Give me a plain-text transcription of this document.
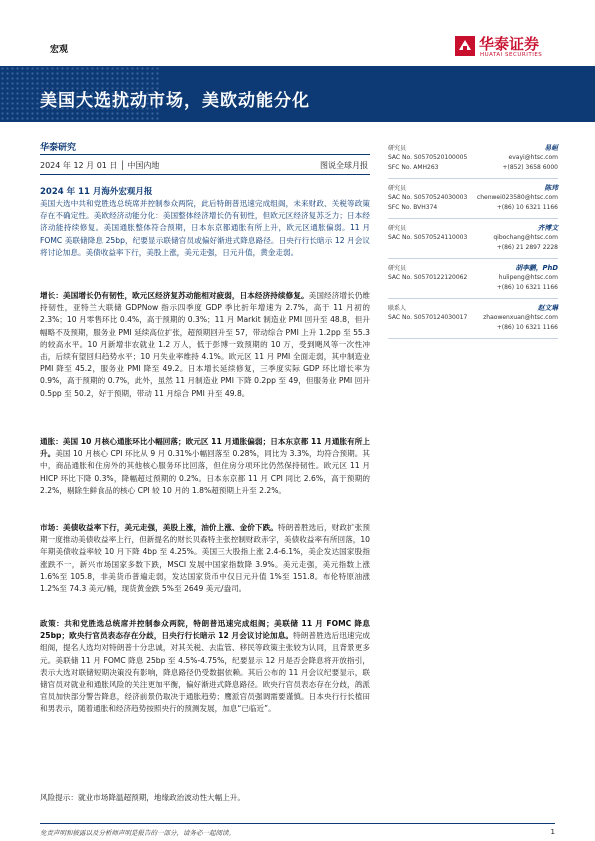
宏观	华泰证券
HUATAI SECURITIES
美国大选扰动市场，美欧动能分化
华泰研究
2024 年 12 月 01 日 │ 中国内地	图说全球月报
2024 年 11 月海外宏观月报

美国大选中共和党胜选总统席并控制参众两院，此后特朗普迅速完成组阁，未来财政、关税等政策存在不确定性。美欧经济动能分化：美国整体经济增长仍有韧性，但欧元区经济复苏乏力；日本经济动能持续修复。美国通胀整体符合预期，日本东京都通胀有所上升，欧元区通胀偏弱。11 月 FOMC 美联储降息 25bp，纪要显示联储官员或偏好渐进式降息路径。日央行行长暗示 12 月会议将讨论加息。美债收益率下行，美股上涨，美元走强，日元升值，黄金走弱。

增长：美国增长仍有韧性，欧元区经济复苏动能相对疲弱，日本经济持续修复。美国经济增长仍维持韧性，亚特兰大联储 GDPNow 指示四季度 GDP 季比折年增速为 2.7%，高于 11 月初的 2.3%；10 月零售环比 0.4%，高于预期的 0.3%；11 月 Markit 制造业 PMI 回升至 48.8，但升幅略不及预期，服务业 PMI 延续高位扩张，超预期回升至 57，带动综合 PMI 上升 1.2pp 至 55.3 的较高水平。10 月新增非农就业 1.2 万人，低于彭博一致预期的 10 万，受到飓风等一次性冲击，后续有望回归趋势水平；10 月失业率维持 4.1%。欧元区 11 月 PMI 全面走弱，其中制造业 PMI 降至 45.2，服务业 PMI 降至 49.2。日本增长延续修复，三季度实际 GDP 环比增长率为 0.9%，高于预期的 0.7%，此外，虽然 11 月制造业 PMI 下降 0.2pp 至 49，但服务业 PMI 回升 0.5pp 至 50.2，好于预期，带动 11 月综合 PMI 升至 49.8。

通胀：美国 10 月核心通胀环比小幅回落；欧元区 11 月通胀偏弱；日本东京都 11 月通胀有所上升。美国 10 月核心 CPI 环比从 9 月 0.31%小幅回落至 0.28%，同比为 3.3%，均符合预期。其中，商品通胀和住房外的其他核心服务环比回落，但住房分项环比仍然保持韧性。欧元区 11 月 HICP 环比下降 0.3%，降幅超过预期的 0.2%。日本东京都 11 月 CPI 同比 2.6%，高于预期的 2.2%，剔除生鲜食品的核心 CPI 较 10 月的 1.8%超预期上升至 2.2%。

市场：美债收益率下行，美元走强，美股上涨，油价上涨、金价下跌。特朗普胜选后，财政扩张预期一度推动美债收益率上行，但新提名的财长贝森特主张控制财政赤字，美债收益率有所回落，10 年期美债收益率较 10 月下降 4bp 至 4.25%。美国三大股指上涨 2.4-6.1%，美企发达国家股指涨跌不一，新兴市场国家多数下跌，MSCI 发展中国家指数降 3.9%。美元走强，美元指数上涨 1.6%至 105.8，非美货币普遍走弱，发达国家货币中仅日元升值 1%至 151.8。布伦特原油涨 1.2%至 74.3 美元/桶，现货黄金跌 5%至 2649 美元/盎司。

政策：共和党胜选总统席并控制参众两院，特朗普迅速完成组阁；美联储 11 月 FOMC 降息 25bp；欧央行官员表态存在分歧，日央行行长暗示 12 月会议讨论加息。特朗普胜选后迅速完成组阁，提名人选均对特朗普十分忠诚，对其关税、去监管、移民等政策主张较为认同，且背景更多元。美联储 11 月 FOMC 降息 25bp 至 4.5%-4.75%，纪要显示 12 月是否会降息将开放指引，表示大选对联储短期决策没有影响，降息路径仍受数据依赖。其后公布的 11 月会议纪要显示，联储官员对就业和通胀风险的关注更加平衡，偏好渐进式降息路径。欧央行官员表态存在分歧，鸽派官员加快部分警告降息，经济前景仍取决于通胀趋势；鹰派官员强调需要谨慎。日本央行行长植田和男表示，随着通胀和经济趋势按照央行的预测发展，加息“已临近”。

风险提示：就业市场降温超预期，地缘政治波动性大幅上升。

研究员	易峘
SAC No. S0570520100005	evayi@htsc.com
SFC No. AMH263	+(852) 3658 6000
研究员	陈玮
SAC No. S0570524030003 chenwei023580@htsc.com
SFC No. BVH374	+(86) 10 6321 1166
研究员	齐博文
SAC No. S0570524110003	qibochang@htsc.com
+(86) 21 2897 2228
研究员	胡李鹏，PhD
SAC No. S0570122120062	hulipeng@htsc.com
+(86) 10 6321 1166
联系人	赵文琳
SAC No. S0570124030017	zhaowenxuan@htsc.com
+(86) 10 6321 1166
免责声明和披露以及分析师声明是报告的一部分，请务必一起阅读。	1
